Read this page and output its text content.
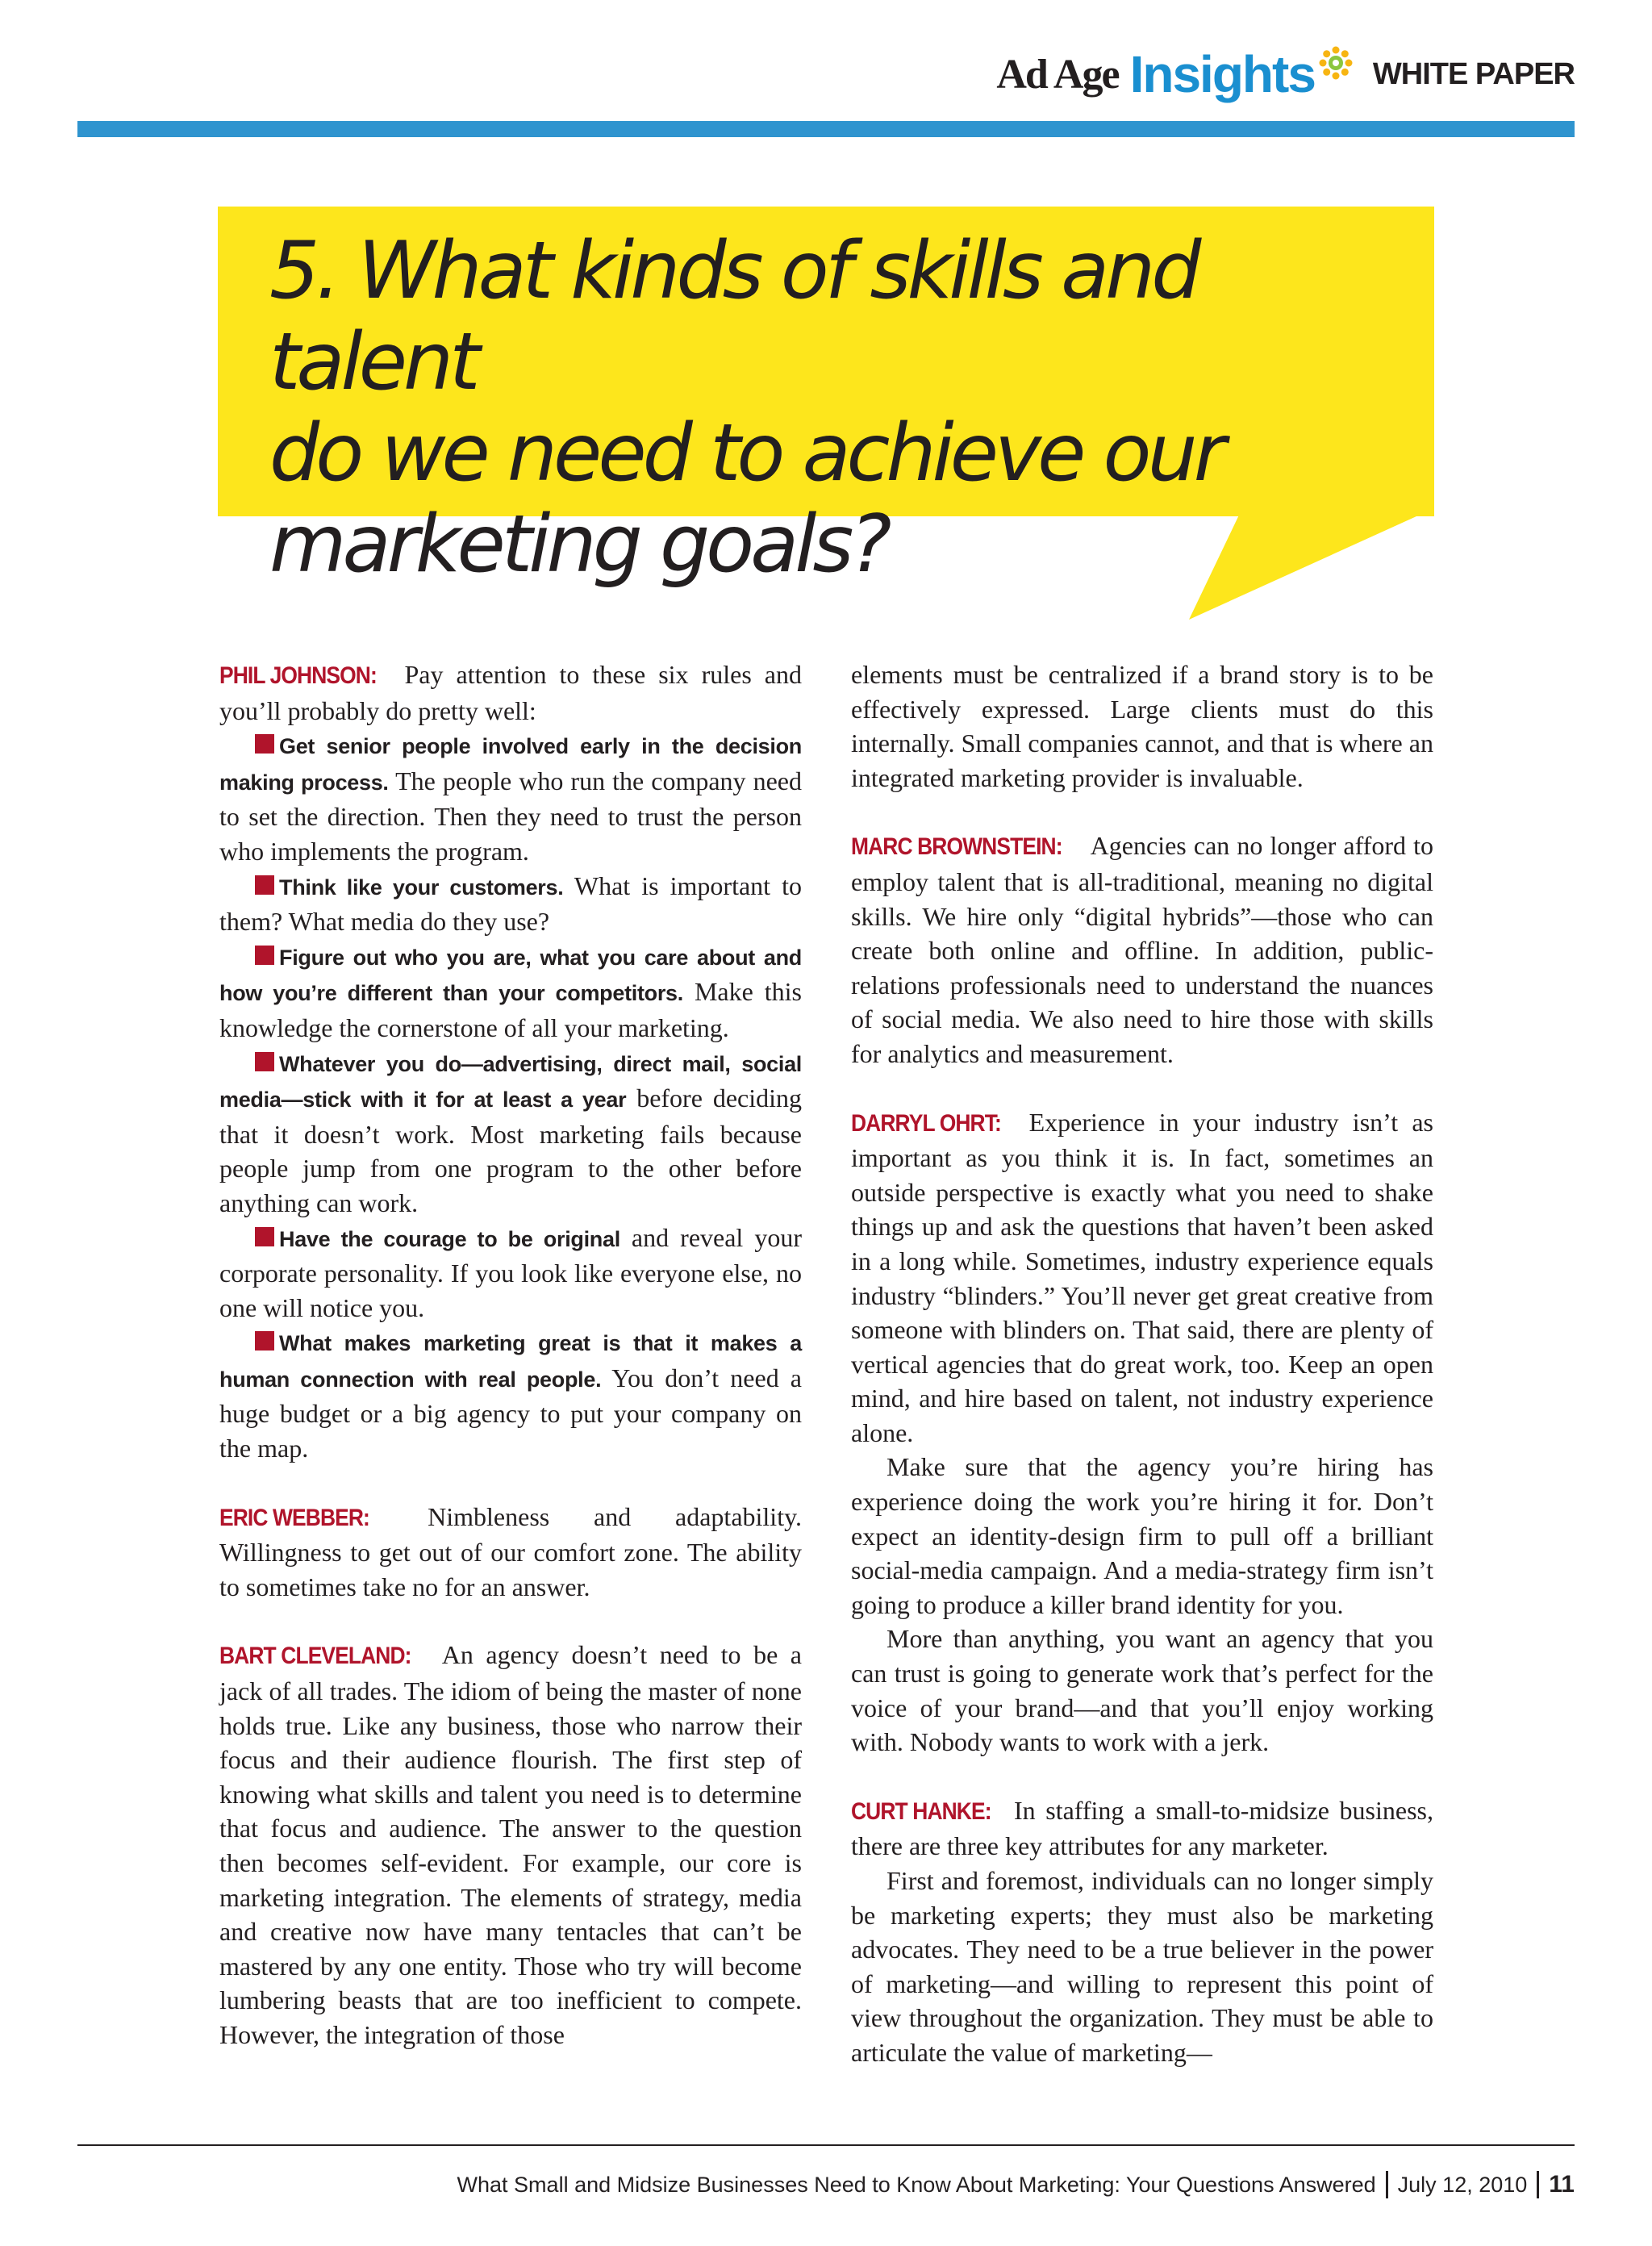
Ad Age Insights WHITE PAPER
5. What kinds of skills and talent
do we need to achieve our
marketing goals?

PHIL JOHNSON: Pay attention to these six rules and you’ll probably do pretty well:

Get senior people involved early in the decision making process. The people who run the company need to set the direction. Then they need to trust the person who implements the program.

Think like your customers. What is important to them? What media do they use?

Figure out who you are, what you care about and how you’re different than your competitors. Make this knowledge the cornerstone of all your marketing.

Whatever you do—advertising, direct mail, social media—stick with it for at least a year before deciding that it doesn’t work. Most marketing fails because people jump from one program to the other before anything can work.

Have the courage to be original and reveal your corporate personality. If you look like everyone else, no one will notice you.

What makes marketing great is that it makes a human connection with real people. You don’t need a huge budget or a big agency to put your company on the map.

ERIC WEBBER: Nimbleness and adaptability. Willingness to get out of our comfort zone. The ability to sometimes take no for an answer.

BART CLEVELAND: An agency doesn’t need to be a jack of all trades. The idiom of being the master of none holds true. Like any business, those who narrow their focus and their audience flourish. The first step of knowing what skills and talent you need is to determine that focus and audience. The answer to the question then becomes self-evident. For example, our core is marketing integration. The elements of strategy, media and creative now have many tentacles that can’t be mastered by any one entity. Those who try will become lumbering beasts that are too inefficient to compete. However, the integration of those

elements must be centralized if a brand story is to be effectively expressed. Large clients must do this internally. Small companies cannot, and that is where an integrated marketing provider is invaluable.

MARC BROWNSTEIN: Agencies can no longer afford to employ talent that is all-traditional, meaning no digital skills. We hire only “digital hybrids”—those who can create both online and offline. In addition, public-relations professionals need to understand the nuances of social media. We also need to hire those with skills for analytics and measurement.

DARRYL OHRT: Experience in your industry isn’t as important as you think it is. In fact, sometimes an outside perspective is exactly what you need to shake things up and ask the questions that haven’t been asked in a long while. Sometimes, industry experience equals industry “blinders.” You’ll never get great creative from someone with blinders on. That said, there are plenty of vertical agencies that do great work, too. Keep an open mind, and hire based on talent, not industry experience alone.

Make sure that the agency you’re hiring has experience doing the work you’re hiring it for. Don’t expect an identity-design firm to pull off a brilliant social-media campaign. And a media-strategy firm isn’t going to produce a killer brand identity for you.

More than anything, you want an agency that you can trust is going to generate work that’s perfect for the voice of your brand—and that you’ll enjoy working with. Nobody wants to work with a jerk.

CURT HANKE: In staffing a small-to-midsize business, there are three key attributes for any marketer.

First and foremost, individuals can no longer simply be marketing experts; they must also be marketing advocates. They need to be a true believer in the power of marketing—and willing to represent this point of view throughout the organization. They must be able to articulate the value of marketing—

What Small and Midsize Businesses Need to Know About Marketing: Your Questions Answered July 12, 2010 11
